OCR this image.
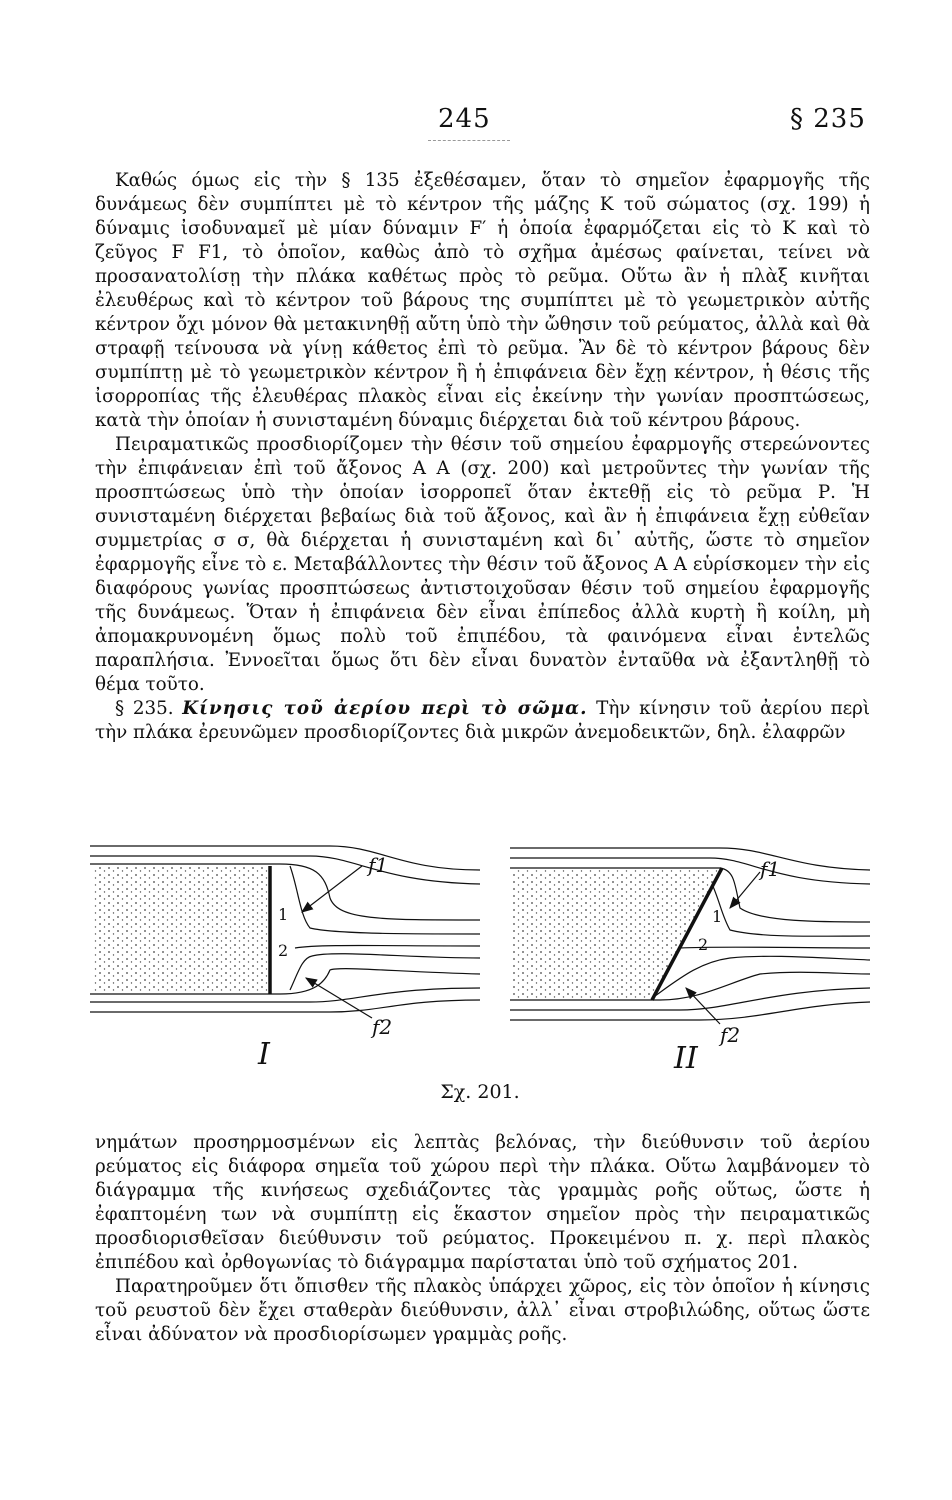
245	§ 235

Καθώς όμως εἰς τὴν § 135 ἐξεθέσαμεν, ὅταν τὸ σημεῖον ἐφαρμογῆς τῆς δυνάμεως δὲν συμπίπτει μὲ τὸ κέντρον τῆς μάζης Κ τοῦ σώματος (σχ. 199) ἡ δύναμις ἰσοδυναμεῖ μὲ μίαν δύναμιν F′ ἡ ὁποία ἐφαρμόζεται εἰς τὸ Κ καὶ τὸ ζεῦγος F F1, τὸ ὁποῖον, καθὼς ἀπὸ τὸ σχῆμα ἀμέσως φαίνεται, τείνει νὰ προσανατολίσῃ τὴν πλάκα καθέτως πρὸς τὸ ρεῦμα. Οὕτω ἂν ἡ πλὰξ κινῆται ἐλευθέρως καὶ τὸ κέντρον τοῦ βάρους της συμπίπτει μὲ τὸ γεωμετρικὸν αὐτῆς κέντρον ὄχι μόνον θὰ μετακινηθῇ αὔτη ὑπὸ τὴν ὤθησιν τοῦ ρεύματος, ἀλλὰ καὶ θὰ στραφῇ τείνουσα νὰ γίνῃ κάθετος ἐπὶ τὸ ρεῦμα. Ἂν δὲ τὸ κέντρον βάρους δὲν συμπίπτῃ μὲ τὸ γεωμετρικὸν κέντρον ἢ ἡ ἐπιφάνεια δὲν ἔχῃ κέντρον, ἡ θέσις τῆς ἰσορροπίας τῆς ἐλευθέρας πλακὸς εἶναι εἰς ἐκείνην τὴν γωνίαν προσπτώσεως, κατὰ τὴν ὁποίαν ἡ συνισταμένη δύναμις διέρχεται διὰ τοῦ κέντρου βάρους.

Πειραματικῶς προσδιορίζομεν τὴν θέσιν τοῦ σημείου ἐφαρμογῆς στερεώνοντες τὴν ἐπιφάνειαν ἐπὶ τοῦ ἄξονος Α Α (σχ. 200) καὶ μετροῦντες τὴν γωνίαν τῆς προσπτώσεως ὑπὸ τὴν ὁποίαν ἰσορροπεῖ ὅταν ἐκτεθῇ εἰς τὸ ρεῦμα Ρ. Ἡ συνισταμένη διέρχεται βεβαίως διὰ τοῦ ἄξονος, καὶ ἂν ἡ ἐπιφάνεια ἔχῃ εὐθεῖαν συμμετρίας σ σ, θὰ διέρχεται ἡ συνισταμένη καὶ δι᾽ αὐτῆς, ὥστε τὸ σημεῖον ἐφαρμογῆς εἶνε τὸ ε. Μεταβάλλοντες τὴν θέσιν τοῦ ἄξονος Α Α εὑρίσκομεν τὴν εἰς διαφόρους γωνίας προσπτώσεως ἀντιστοιχοῦσαν θέσιν τοῦ σημείου ἐφαρμογῆς τῆς δυνάμεως. Ὅταν ἡ ἐπιφάνεια δὲν εἶναι ἐπίπεδος ἀλλὰ κυρτὴ ἢ κοίλη, μὴ ἀπομακρυνομένη ὅμως πολὺ τοῦ ἐπιπέδου, τὰ φαινόμενα εἶναι ἐντελῶς παραπλήσια. Ἐννοεῖται ὅμως ὅτι δὲν εἶναι δυνατὸν ἐνταῦθα νὰ ἐξαντληθῇ τὸ θέμα τοῦτο.

§ 235. Κίνησις τοῦ ἀερίου περὶ τὸ σῶμα. Τὴν κίνησιν τοῦ ἀερίου περὶ τὴν πλάκα ἐρευνῶμεν προσδιορίζοντες διὰ μικρῶν ἀνεμοδεικτῶν, δηλ. ἐλαφρῶν

1
2
f1
f2
I
1
2
f1
f2
II
Σχ. 201.

νημάτων προσηρμοσμένων εἰς λεπτὰς βελόνας, τὴν διεύθυνσιν τοῦ ἀερίου ρεύματος εἰς διάφορα σημεῖα τοῦ χώρου περὶ τὴν πλάκα. Οὕτω λαμβάνομεν τὸ διάγραμμα τῆς κινήσεως σχεδιάζοντες τὰς γραμμὰς ροῆς οὕτως, ὥστε ἡ ἐφαπτομένη των νὰ συμπίπτῃ εἰς ἕκαστον σημεῖον πρὸς τὴν πειραματικῶς προσδιορισθεῖσαν διεύθυνσιν τοῦ ρεύματος. Προκειμένου π. χ. περὶ πλακὸς ἐπιπέδου καὶ ὀρθογωνίας τὸ διάγραμμα παρίσταται ὑπὸ τοῦ σχήματος 201.

Παρατηροῦμεν ὅτι ὄπισθεν τῆς πλακὸς ὑπάρχει χῶρος, εἰς τὸν ὁποῖον ἡ κίνησις τοῦ ρευστοῦ δὲν ἔχει σταθερὰν διεύθυνσιν, ἀλλ᾽ εἶναι στροβιλώδης, οὕτως ὥστε εἶναι ἀδύνατον νὰ προσδιορίσωμεν γραμμὰς ροῆς.
